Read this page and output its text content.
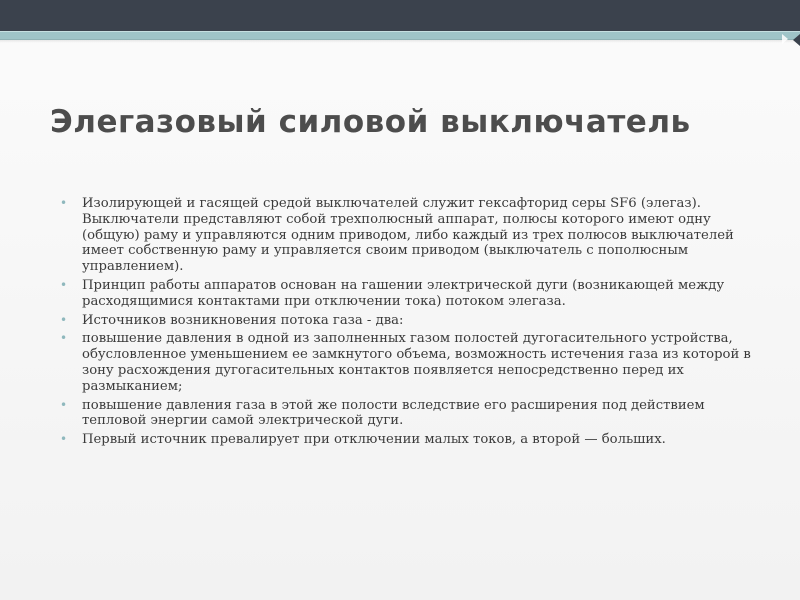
Элегазовый силовой выключатель
• Изолирующей и гасящей средой выключателей служит гексафторид серы SF6 (элегаз). Выключатели представляют собой трехполюсный аппарат, полюсы которого имеют одну (общую) раму и управляются одним приводом, либо каждый из трех полюсов выключателей имеет собственную раму и управляется своим приводом (выключатель с пополюсным управлением).
• Принцип работы аппаратов основан на гашении электрической дуги (возникающей между расходящимися контактами при отключении тока) потоком элегаза.
• Источников возникновения потока газа - два:
• повышение давления в одной из заполненных газом полостей дугогасительного устройства, обусловленное уменьшением ее замкнутого объема, возможность истечения газа из которой в зону расхождения дугогасительных контактов появляется непосредственно перед их размыканием;
• повышение давления газа в этой же полости вследствие его расширения под действием тепловой энергии самой электрической дуги.
• Первый источник превалирует при отключении малых токов, а второй — больших.
